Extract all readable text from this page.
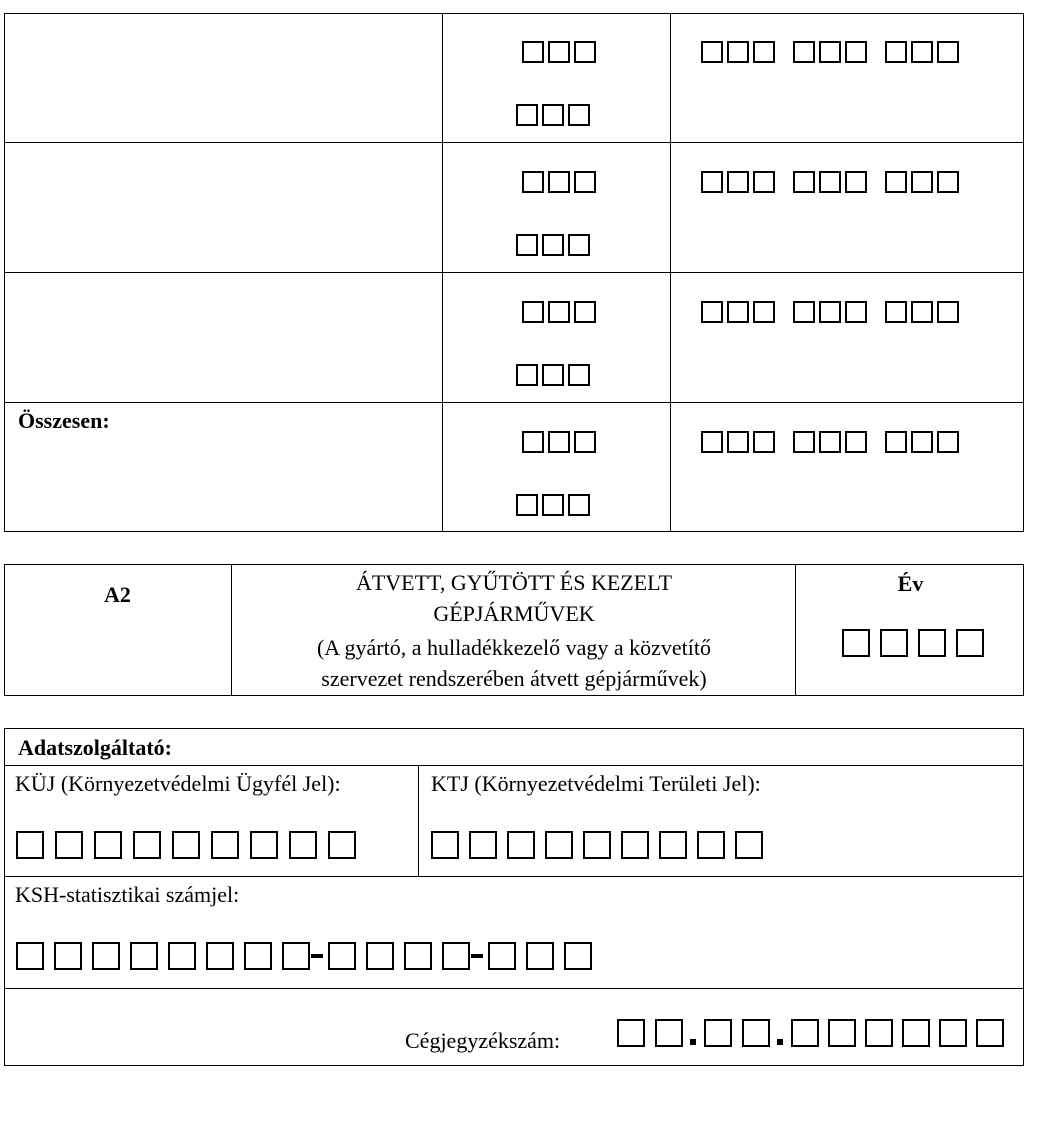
Összesen:
A2	ÁTVETT, GYŰTÖTT ÉS KEZELT
GÉPJÁRMŰVEK
(A gyártó, a hulladékkezelő vagy a közvetítő
szervezet rendszerében átvett gépjárművek)
Év
Adatszolgáltató:
KÜJ (Környezetvédelmi Ügyfél Jel):	KTJ (Környezetvédelmi Területi Jel):
KSH-statisztikai számjel:
Cégjegyzékszám:
